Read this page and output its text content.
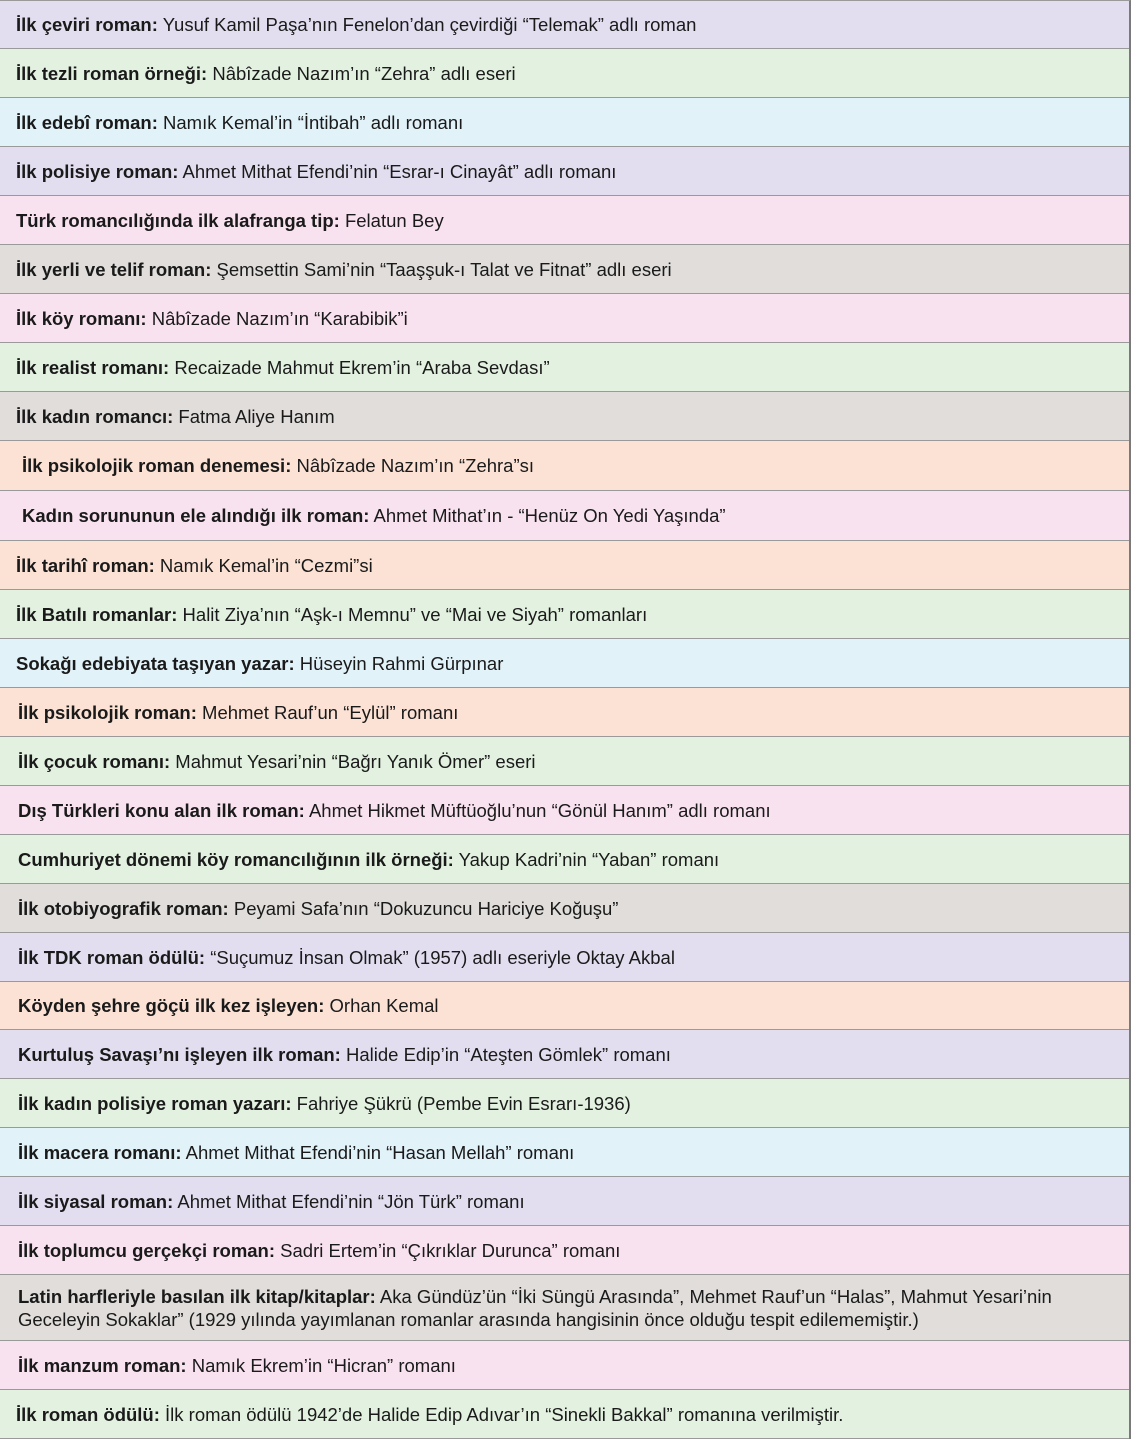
İlk çeviri roman: Yusuf Kamil Paşa’nın Fenelon’dan çevirdiği “Telemak” adlı roman
İlk tezli roman örneği: Nâbîzade Nazım’ın “Zehra” adlı eseri
İlk edebî roman: Namık Kemal’in “İntibah” adlı romanı
İlk polisiye roman: Ahmet Mithat Efendi’nin “Esrar-ı Cinayât” adlı romanı
Türk romancılığında ilk alafranga tip: Felatun Bey
İlk yerli ve telif roman: Şemsettin Sami’nin “Taaşşuk-ı Talat ve Fitnat” adlı eseri
İlk köy romanı: Nâbîzade Nazım’ın “Karabibik”i
İlk realist romanı: Recaizade Mahmut Ekrem’in “Araba Sevdası”
İlk kadın romancı: Fatma Aliye Hanım
İlk psikolojik roman denemesi: Nâbîzade Nazım’ın “Zehra”sı
Kadın sorununun ele alındığı ilk roman: Ahmet Mithat’ın - “Henüz On Yedi Yaşında”
İlk tarihî roman: Namık Kemal’in “Cezmi”si
İlk Batılı romanlar: Halit Ziya’nın “Aşk-ı Memnu” ve “Mai ve Siyah” romanları
Sokağı edebiyata taşıyan yazar: Hüseyin Rahmi Gürpınar
İlk psikolojik roman: Mehmet Rauf’un “Eylül” romanı
İlk çocuk romanı: Mahmut Yesari’nin “Bağrı Yanık Ömer” eseri
Dış Türkleri konu alan ilk roman: Ahmet Hikmet Müftüoğlu’nun “Gönül Hanım” adlı romanı
Cumhuriyet dönemi köy romancılığının ilk örneği: Yakup Kadri’nin “Yaban” romanı
İlk otobiyografik roman: Peyami Safa’nın “Dokuzuncu Hariciye Koğuşu”
İlk TDK roman ödülü: “Suçumuz İnsan Olmak” (1957) adlı eseriyle Oktay Akbal
Köyden şehre göçü ilk kez işleyen: Orhan Kemal
Kurtuluş Savaşı’nı işleyen ilk roman: Halide Edip’in “Ateşten Gömlek” romanı
İlk kadın polisiye roman yazarı: Fahriye Şükrü (Pembe Evin Esrarı-1936)
İlk macera romanı: Ahmet Mithat Efendi’nin “Hasan Mellah” romanı
İlk siyasal roman: Ahmet Mithat Efendi’nin “Jön Türk” romanı
İlk toplumcu gerçekçi roman: Sadri Ertem’in “Çıkrıklar Durunca” romanı
Latin harfleriyle basılan ilk kitap/kitaplar: Aka Gündüz’ün “İki Süngü Arasında”, Mehmet Rauf’un “Halas”, Mahmut Yesari’nin Geceleyin Sokaklar” (1929 yılında yayımlanan romanlar arasında hangisinin önce olduğu tespit edilememiştir.)
İlk manzum roman: Namık Ekrem’in “Hicran” romanı
İlk roman ödülü: İlk roman ödülü 1942’de Halide Edip Adıvar’ın “Sinekli Bakkal” romanına verilmiştir.
